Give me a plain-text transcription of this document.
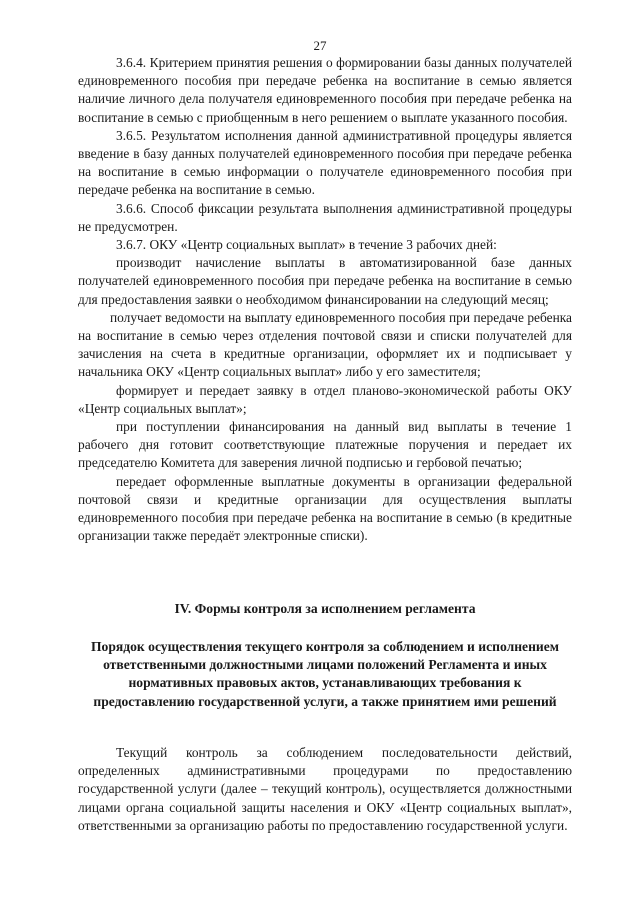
27

3.6.4. Критерием принятия решения о формировании базы данных получателей единовременного пособия при передаче ребенка на воспитание в семью является наличие личного дела получателя единовременного пособия при передаче ребенка на воспитание в семью с приобщенным в него решением о выплате указанного пособия.

3.6.5. Результатом исполнения данной административной процедуры является введение в базу данных получателей единовременного пособия при передаче ребенка на воспитание в семью информации о получателе единовременного пособия при передаче ребенка на воспитание в семью.

3.6.6. Способ фиксации результата выполнения административной процедуры не предусмотрен.

3.6.7. ОКУ «Центр социальных выплат» в течение 3 рабочих дней:

производит начисление выплаты в автоматизированной базе данных получателей единовременного пособия при передаче ребенка на воспитание в семью для предоставления заявки о необходимом финансировании на следующий месяц;

получает ведомости на выплату единовременного пособия при передаче ребенка на воспитание в семью через отделения почтовой связи и списки получателей для зачисления на счета в кредитные организации, оформляет их и подписывает у начальника ОКУ «Центр социальных выплат» либо у его заместителя;

формирует и передает заявку в отдел планово-экономической работы ОКУ «Центр социальных выплат»;

при поступлении финансирования на данный вид выплаты в течение 1 рабочего дня готовит соответствующие платежные поручения и передает их председателю Комитета для заверения личной подписью и гербовой печатью;

передает оформленные выплатные документы в организации федеральной почтовой связи и кредитные организации для осуществления выплаты единовременного пособия при передаче ребенка на воспитание в семью (в кредитные организации также передаёт электронные списки).

IV. Формы контроля за исполнением регламента
Порядок осуществления текущего контроля за соблюдением и исполнением ответственными должностными лицами положений Регламента и иных нормативных правовых актов, устанавливающих требования к предоставлению государственной услуги, а также принятием ими решений

Текущий контроль за соблюдением последовательности действий, определенных административными процедурами по предоставлению государственной услуги (далее – текущий контроль), осуществляется должностными лицами органа социальной защиты населения и ОКУ «Центр социальных выплат», ответственными за организацию работы по предоставлению государственной услуги.
